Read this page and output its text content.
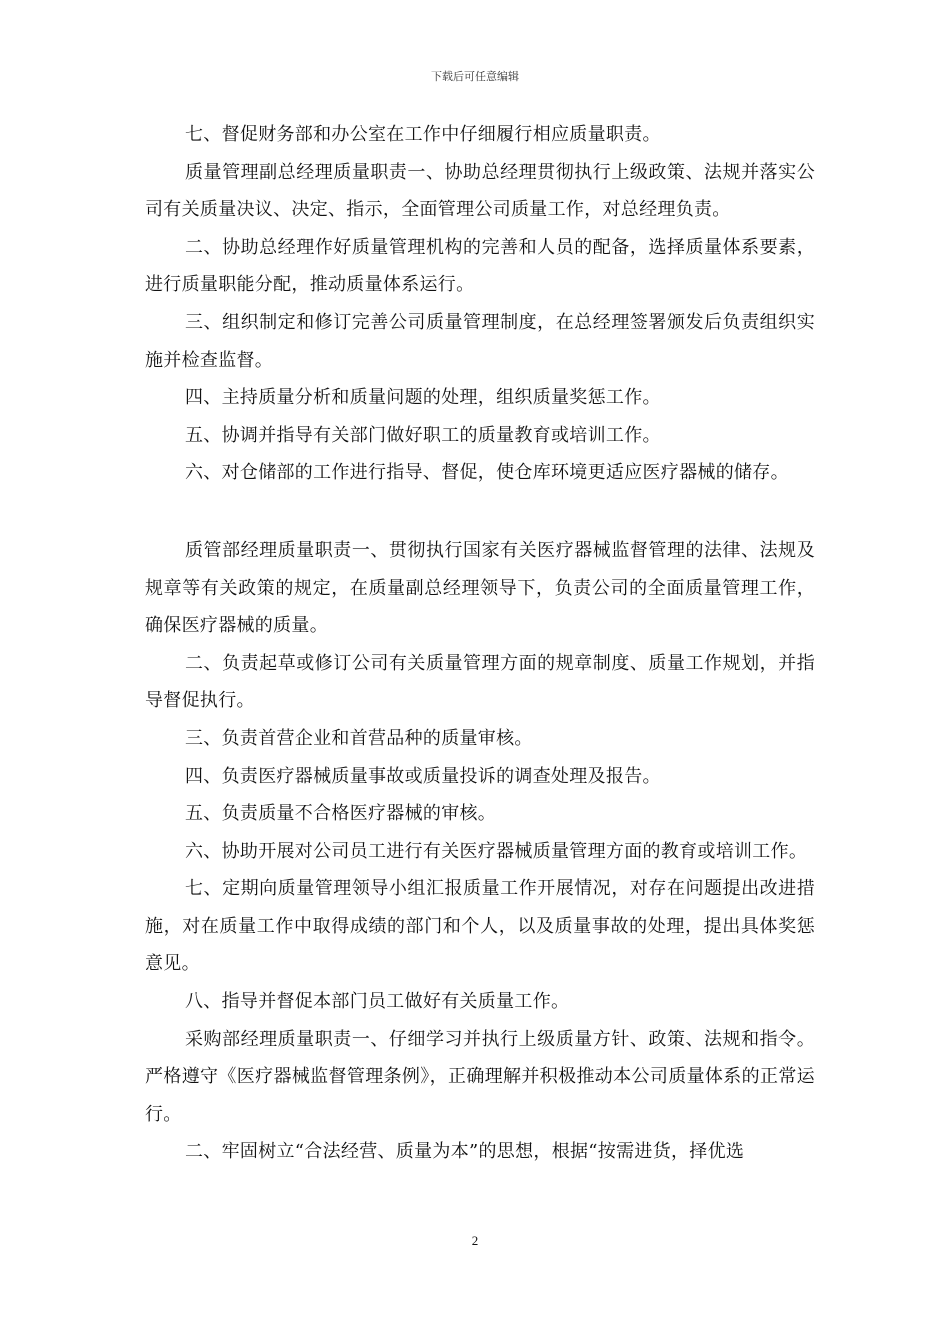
下载后可任意编辑

七、督促财务部和办公室在工作中仔细履行相应质量职责。

质量管理副总经理质量职责一、协助总经理贯彻执行上级政策、法规并落实公司有关质量决议、决定、指示，全面管理公司质量工作，对总经理负责。

二、协助总经理作好质量管理机构的完善和人员的配备，选择质量体系要素，进行质量职能分配，推动质量体系运行。

三、组织制定和修订完善公司质量管理制度，在总经理签署颁发后负责组织实施并检查监督。

四、主持质量分析和质量问题的处理，组织质量奖惩工作。

五、协调并指导有关部门做好职工的质量教育或培训工作。

六、对仓储部的工作进行指导、督促，使仓库环境更适应医疗器械的储存。

质管部经理质量职责一、贯彻执行国家有关医疗器械监督管理的法律、法规及规章等有关政策的规定，在质量副总经理领导下，负责公司的全面质量管理工作，确保医疗器械的质量。

二、负责起草或修订公司有关质量管理方面的规章制度、质量工作规划，并指导督促执行。

三、负责首营企业和首营品种的质量审核。

四、负责医疗器械质量事故或质量投诉的调查处理及报告。

五、负责质量不合格医疗器械的审核。

六、协助开展对公司员工进行有关医疗器械质量管理方面的教育或培训工作。

七、定期向质量管理领导小组汇报质量工作开展情况，对存在问题提出改进措施，对在质量工作中取得成绩的部门和个人，以及质量事故的处理，提出具体奖惩意见。

八、指导并督促本部门员工做好有关质量工作。

采购部经理质量职责一、仔细学习并执行上级质量方针、政策、法规和指令。严格遵守《医疗器械监督管理条例》，正确理解并积极推动本公司质量体系的正常运行。

二、牢固树立“合法经营、质量为本”的思想，根据“按需进货，择优选

2
